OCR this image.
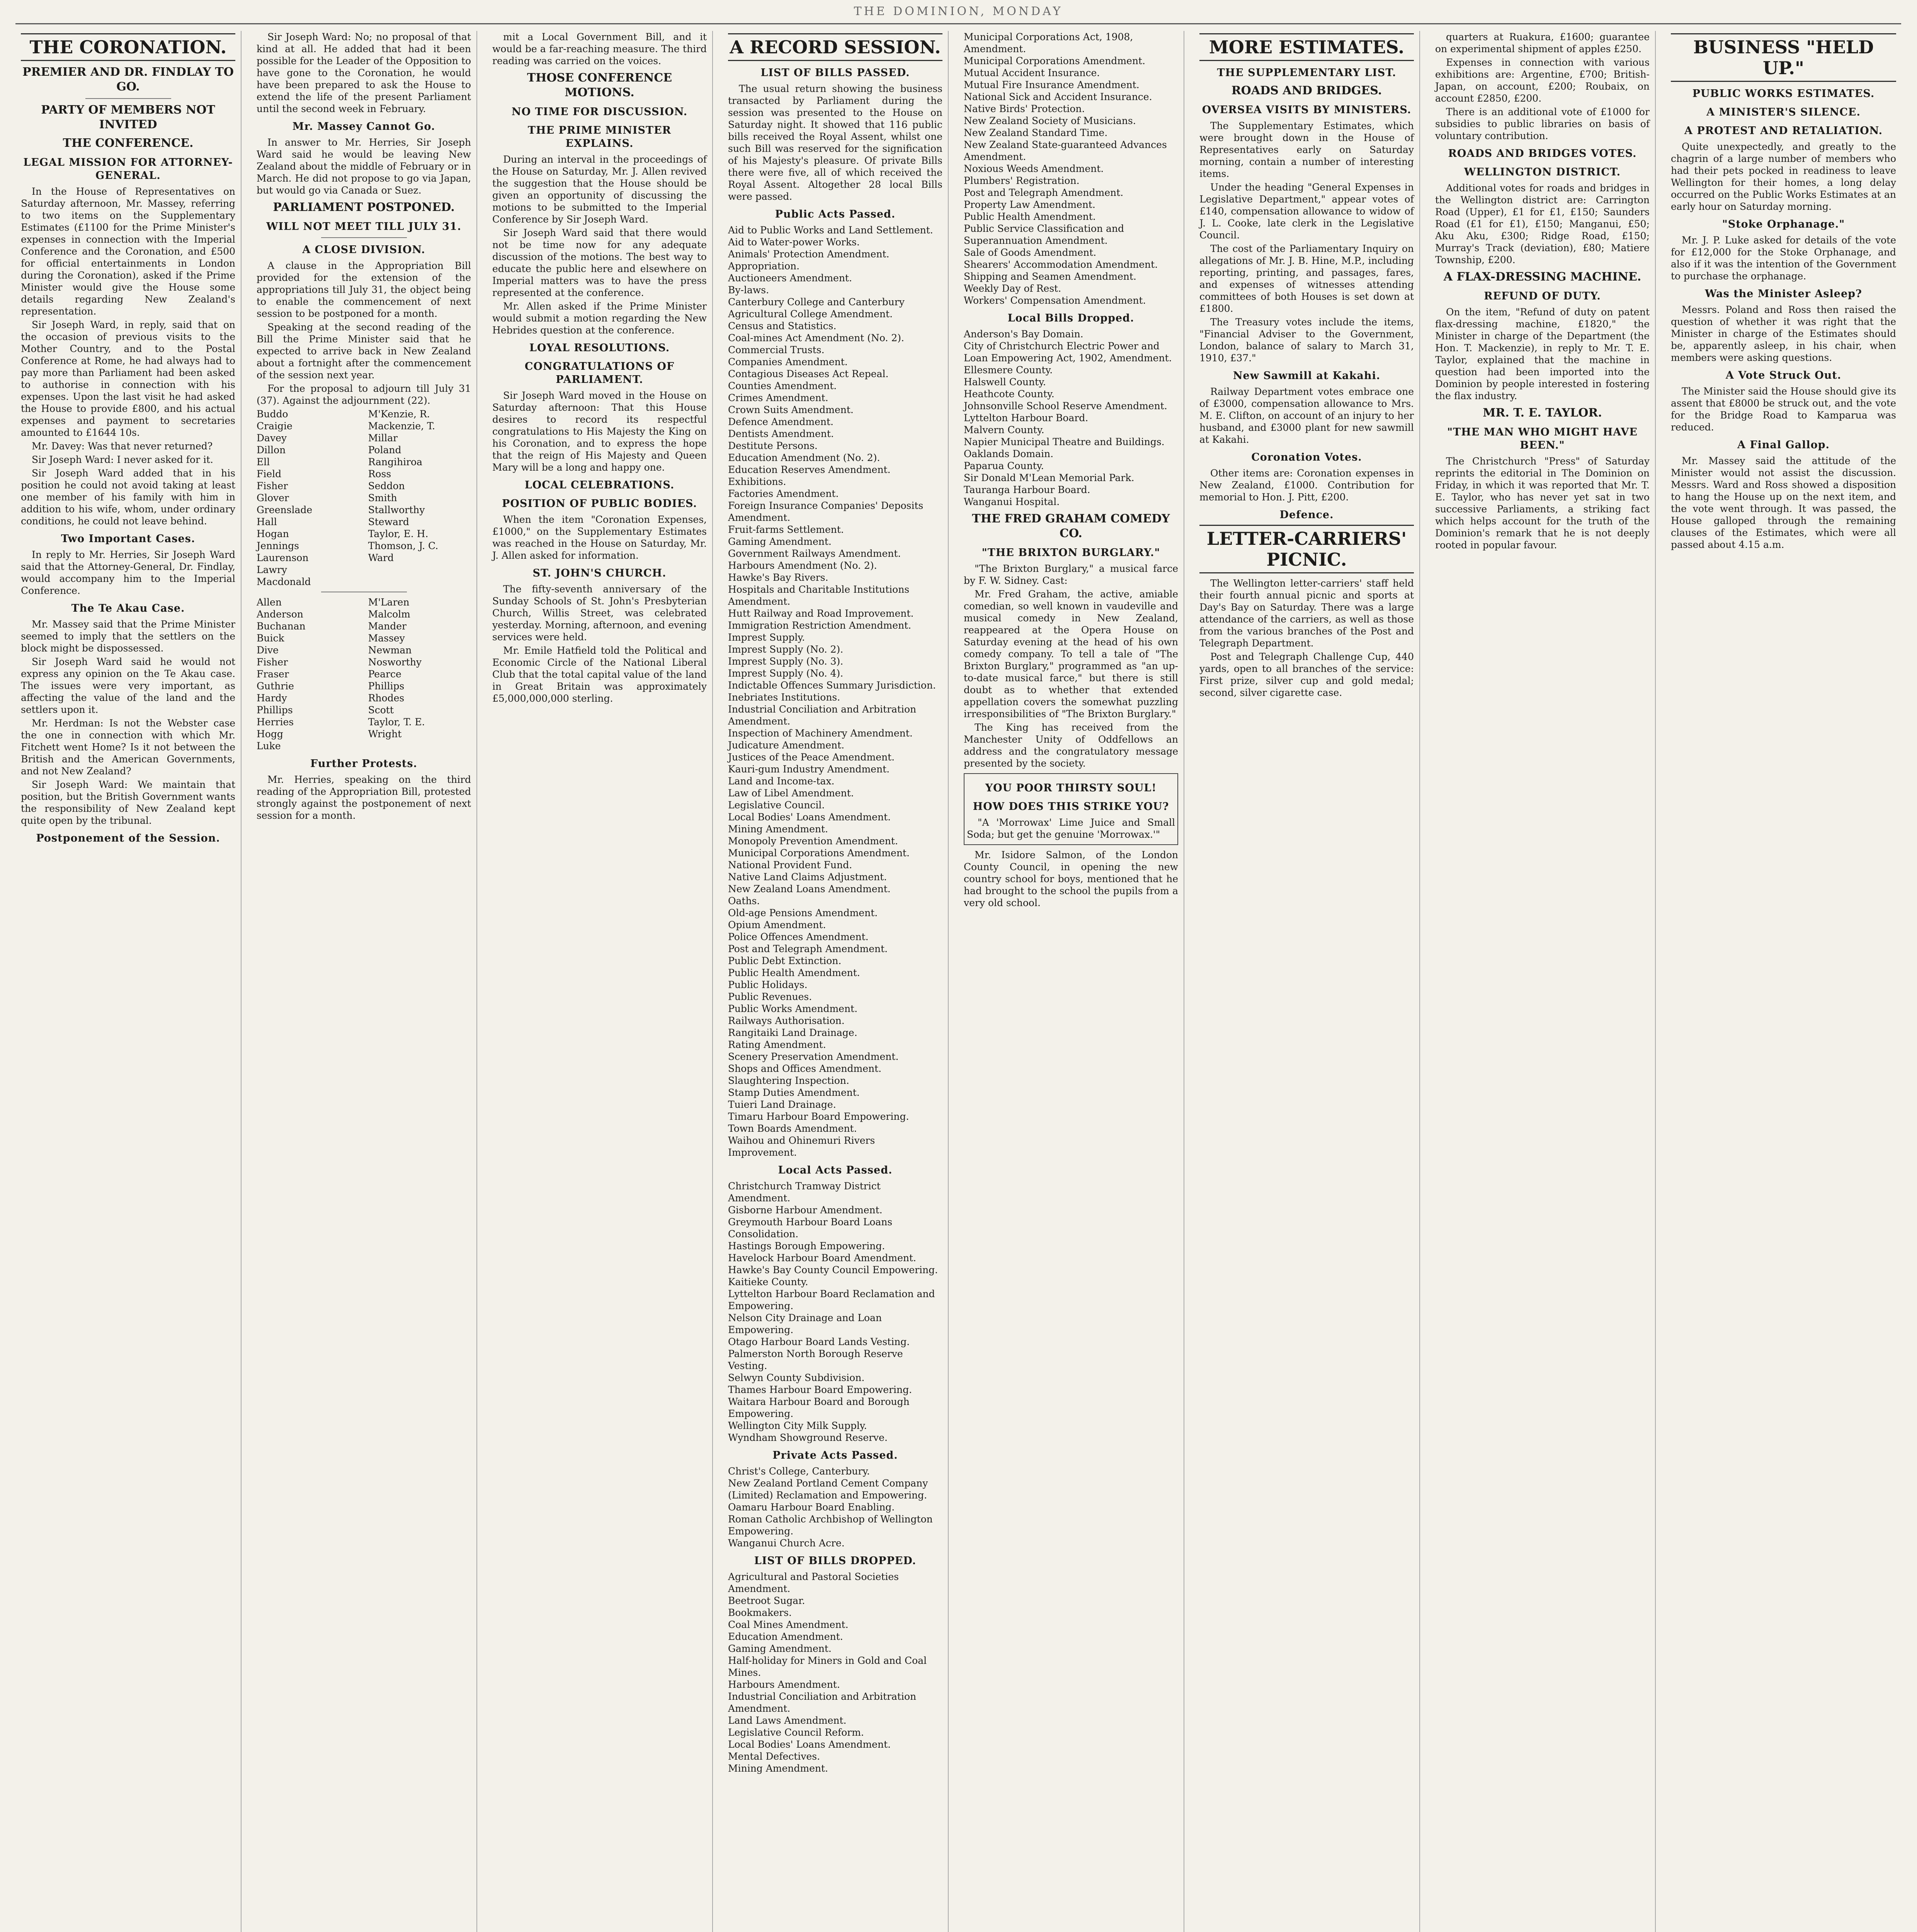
THE DOMINION, MONDAY
THE CORONATION.
PREMIER AND DR. FINDLAY TO GO.
PARTY OF MEMBERS NOT INVITED
THE CONFERENCE.
LEGAL MISSION FOR ATTORNEY-GENERAL.

In the House of Representatives on Saturday afternoon, Mr. Massey, referring to two items on the Supplementary Estimates (£1100 for the Prime Minister's expenses in connection with the Imperial Conference and the Coronation, and £500 for official entertainments in London during the Coronation), asked if the Prime Minister would give the House some details regarding New Zealand's representation.

Sir Joseph Ward, in reply, said that on the occasion of previous visits to the Mother Country, and to the Postal Conference at Rome, he had always had to pay more than Parliament had been asked to authorise in connection with his expenses. Upon the last visit he had asked the House to provide £800, and his actual expenses and payment to secretaries amounted to £1644 10s.

Mr. Davey: Was that never returned?

Sir Joseph Ward: I never asked for it.

Sir Joseph Ward added that in his position he could not avoid taking at least one member of his family with him in addition to his wife, whom, under ordinary conditions, he could not leave behind.

Two Important Cases.

In reply to Mr. Herries, Sir Joseph Ward said that the Attorney-General, Dr. Findlay, would accompany him to the Imperial Conference.

The Te Akau Case.

Mr. Massey said that the Prime Minister seemed to imply that the settlers on the block might be dispossessed.

Sir Joseph Ward said he would not express any opinion on the Te Akau case. The issues were very important, as affecting the value of the land and the settlers upon it.

Mr. Herdman: Is not the Webster case the one in connection with which Mr. Fitchett went Home? Is it not between the British and the American Governments, and not New Zealand?

Sir Joseph Ward: We maintain that position, but the British Government wants the responsibility of New Zealand kept quite open by the tribunal.

Postponement of the Session.

Sir Joseph Ward: No; no proposal of that kind at all. He added that had it been possible for the Leader of the Opposition to have gone to the Coronation, he would have been prepared to ask the House to extend the life of the present Parliament until the second week in February.

Mr. Massey Cannot Go.

In answer to Mr. Herries, Sir Joseph Ward said he would be leaving New Zealand about the middle of February or in March. He did not propose to go via Japan, but would go via Canada or Suez.

PARLIAMENT POSTPONED.
WILL NOT MEET TILL JULY 31.
A CLOSE DIVISION.

A clause in the Appropriation Bill provided for the extension of the appropriations till July 31, the object being to enable the commencement of next session to be postponed for a month.

Speaking at the second reading of the Bill the Prime Minister said that he expected to arrive back in New Zealand about a fortnight after the commencement of the session next year.

For the proposal to adjourn till July 31 (37). Against the adjournment (22).

Buddo
Craigie
Davey
Dillon
Ell
Field
Fisher
Glover
Greenslade
Hall
Hogan
Jennings
Laurenson
Lawry
Macdonald
M'Kenzie, R.
Mackenzie, T.
Millar
Poland
Rangihiroa
Ross
Seddon
Smith
Stallworthy
Steward
Taylor, E. H.
Thomson, J. C.
Ward
Allen
Anderson
Buchanan
Buick
Dive
Fisher
Fraser
Guthrie
Hardy
Phillips
Herries
Hogg
Luke
M'Laren
Malcolm
Mander
Massey
Newman
Nosworthy
Pearce
Phillips
Rhodes
Scott
Taylor, T. E.
Wright
Further Protests.

Mr. Herries, speaking on the third reading of the Appropriation Bill, protested strongly against the postponement of next session for a month.

mit a Local Government Bill, and it would be a far-reaching measure. The third reading was carried on the voices.

THOSE CONFERENCE MOTIONS.
NO TIME FOR DISCUSSION.
THE PRIME MINISTER EXPLAINS.

During an interval in the proceedings of the House on Saturday, Mr. J. Allen revived the suggestion that the House should be given an opportunity of discussing the motions to be submitted to the Imperial Conference by Sir Joseph Ward.

Sir Joseph Ward said that there would not be time now for any adequate discussion of the motions. The best way to educate the public here and elsewhere on Imperial matters was to have the press represented at the conference.

Mr. Allen asked if the Prime Minister would submit a motion regarding the New Hebrides question at the conference.

LOYAL RESOLUTIONS.
CONGRATULATIONS OF PARLIAMENT.

Sir Joseph Ward moved in the House on Saturday afternoon: That this House desires to record its respectful congratulations to His Majesty the King on his Coronation, and to express the hope that the reign of His Majesty and Queen Mary will be a long and happy one.

LOCAL CELEBRATIONS.
POSITION OF PUBLIC BODIES.

When the item "Coronation Expenses, £1000," on the Supplementary Estimates was reached in the House on Saturday, Mr. J. Allen asked for information.

ST. JOHN'S CHURCH.

The fifty-seventh anniversary of the Sunday Schools of St. John's Presbyterian Church, Willis Street, was celebrated yesterday. Morning, afternoon, and evening services were held.

Mr. Emile Hatfield told the Political and Economic Circle of the National Liberal Club that the total capital value of the land in Great Britain was approximately £5,000,000,000 sterling.

A RECORD SESSION.
LIST OF BILLS PASSED.

The usual return showing the business transacted by Parliament during the session was presented to the House on Saturday night. It showed that 116 public bills received the Royal Assent, whilst one such Bill was reserved for the signification of his Majesty's pleasure. Of private Bills there were five, all of which received the Royal Assent. Altogether 28 local Bills were passed.

Public Acts Passed.
Aid to Public Works and Land Settlement.
Aid to Water-power Works.
Animals' Protection Amendment.
Appropriation.
Auctioneers Amendment.
By-laws.
Canterbury College and Canterbury Agricultural College Amendment.
Census and Statistics.
Coal-mines Act Amendment (No. 2).
Commercial Trusts.
Companies Amendment.
Contagious Diseases Act Repeal.
Counties Amendment.
Crimes Amendment.
Crown Suits Amendment.
Defence Amendment.
Dentists Amendment.
Destitute Persons.
Education Amendment (No. 2).
Education Reserves Amendment.
Exhibitions.
Factories Amendment.
Foreign Insurance Companies' Deposits Amendment.
Fruit-farms Settlement.
Gaming Amendment.
Government Railways Amendment.
Harbours Amendment (No. 2).
Hawke's Bay Rivers.
Hospitals and Charitable Institutions Amendment.
Hutt Railway and Road Improvement.
Immigration Restriction Amendment.
Imprest Supply.
Imprest Supply (No. 2).
Imprest Supply (No. 3).
Imprest Supply (No. 4).
Indictable Offences Summary Jurisdiction.
Inebriates Institutions.
Industrial Conciliation and Arbitration Amendment.
Inspection of Machinery Amendment.
Judicature Amendment.
Justices of the Peace Amendment.
Kauri-gum Industry Amendment.
Land and Income-tax.
Law of Libel Amendment.
Legislative Council.
Local Bodies' Loans Amendment.
Mining Amendment.
Monopoly Prevention Amendment.
Municipal Corporations Amendment.
National Provident Fund.
Native Land Claims Adjustment.
New Zealand Loans Amendment.
Oaths.
Old-age Pensions Amendment.
Opium Amendment.
Police Offences Amendment.
Post and Telegraph Amendment.
Public Debt Extinction.
Public Health Amendment.
Public Holidays.
Public Revenues.
Public Works Amendment.
Railways Authorisation.
Rangitaiki Land Drainage.
Rating Amendment.
Scenery Preservation Amendment.
Shops and Offices Amendment.
Slaughtering Inspection.
Stamp Duties Amendment.
Tuieri Land Drainage.
Timaru Harbour Board Empowering.
Town Boards Amendment.
Waihou and Ohinemuri Rivers Improvement.
Local Acts Passed.
Christchurch Tramway District Amendment.
Gisborne Harbour Amendment.
Greymouth Harbour Board Loans Consolidation.
Hastings Borough Empowering.
Havelock Harbour Board Amendment.
Hawke's Bay County Council Empowering.
Kaitieke County.
Lyttelton Harbour Board Reclamation and Empowering.
Nelson City Drainage and Loan Empowering.
Otago Harbour Board Lands Vesting.
Palmerston North Borough Reserve Vesting.
Selwyn County Subdivision.
Thames Harbour Board Empowering.
Waitara Harbour Board and Borough Empowering.
Wellington City Milk Supply.
Wyndham Showground Reserve.
Private Acts Passed.
Christ's College, Canterbury.
New Zealand Portland Cement Company (Limited) Reclamation and Empowering.
Oamaru Harbour Board Enabling.
Roman Catholic Archbishop of Wellington Empowering.
Wanganui Church Acre.
LIST OF BILLS DROPPED.
Agricultural and Pastoral Societies Amendment.
Beetroot Sugar.
Bookmakers.
Coal Mines Amendment.
Education Amendment.
Gaming Amendment.
Half-holiday for Miners in Gold and Coal Mines.
Harbours Amendment.
Industrial Conciliation and Arbitration Amendment.
Land Laws Amendment.
Legislative Council Reform.
Local Bodies' Loans Amendment.
Mental Defectives.
Mining Amendment.
Municipal Corporations Act, 1908, Amendment.
Municipal Corporations Amendment.
Mutual Accident Insurance.
Mutual Fire Insurance Amendment.
National Sick and Accident Insurance.
Native Birds' Protection.
New Zealand Society of Musicians.
New Zealand Standard Time.
New Zealand State-guaranteed Advances Amendment.
Noxious Weeds Amendment.
Plumbers' Registration.
Post and Telegraph Amendment.
Property Law Amendment.
Public Health Amendment.
Public Service Classification and Superannuation Amendment.
Sale of Goods Amendment.
Shearers' Accommodation Amendment.
Shipping and Seamen Amendment.
Weekly Day of Rest.
Workers' Compensation Amendment.
Local Bills Dropped.
Anderson's Bay Domain.
City of Christchurch Electric Power and Loan Empowering Act, 1902, Amendment.
Ellesmere County.
Halswell County.
Heathcote County.
Johnsonville School Reserve Amendment.
Lyttelton Harbour Board.
Malvern County.
Napier Municipal Theatre and Buildings.
Oaklands Domain.
Paparua County.
Sir Donald M'Lean Memorial Park.
Tauranga Harbour Board.
Wanganui Hospital.
THE FRED GRAHAM COMEDY CO.
"THE BRIXTON BURGLARY."

"The Brixton Burglary," a musical farce by F. W. Sidney. Cast:

Mr. Fred Graham, the active, amiable comedian, so well known in vaudeville and musical comedy in New Zealand, reappeared at the Opera House on Saturday evening at the head of his own comedy company. To tell a tale of "The Brixton Burglary," programmed as "an up-to-date musical farce," but there is still doubt as to whether that extended appellation covers the somewhat puzzling irresponsibilities of "The Brixton Burglary."

The King has received from the Manchester Unity of Oddfellows an address and the congratulatory message presented by the society.

YOU POOR THIRSTY SOUL!
HOW DOES THIS STRIKE YOU?

"A 'Morrowax' Lime Juice and Small Soda; but get the genuine 'Morrowax.'"

Mr. Isidore Salmon, of the London County Council, in opening the new country school for boys, mentioned that he had brought to the school the pupils from a very old school.

MORE ESTIMATES.
THE SUPPLEMENTARY LIST.
ROADS AND BRIDGES.
OVERSEA VISITS BY MINISTERS.

The Supplementary Estimates, which were brought down in the House of Representatives early on Saturday morning, contain a number of interesting items.

Under the heading "General Expenses in Legislative Department," appear votes of £140, compensation allowance to widow of J. L. Cooke, late clerk in the Legislative Council.

The cost of the Parliamentary Inquiry on allegations of Mr. J. B. Hine, M.P., including reporting, printing, and passages, fares, and expenses of witnesses attending committees of both Houses is set down at £1800.

The Treasury votes include the items, "Financial Adviser to the Government, London, balance of salary to March 31, 1910, £37."

New Sawmill at Kakahi.

Railway Department votes embrace one of £3000, compensation allowance to Mrs. M. E. Clifton, on account of an injury to her husband, and £3000 plant for new sawmill at Kakahi.

Coronation Votes.

Other items are: Coronation expenses in New Zealand, £1000. Contribution for memorial to Hon. J. Pitt, £200.

Defence.
LETTER-CARRIERS' PICNIC.

The Wellington letter-carriers' staff held their fourth annual picnic and sports at Day's Bay on Saturday. There was a large attendance of the carriers, as well as those from the various branches of the Post and Telegraph Department.

Post and Telegraph Challenge Cup, 440 yards, open to all branches of the service: First prize, silver cup and gold medal; second, silver cigarette case.

quarters at Ruakura, £1600; guarantee on experimental shipment of apples £250.

Expenses in connection with various exhibitions are: Argentine, £700; British-Japan, on account, £200; Roubaix, on account £2850, £200.

There is an additional vote of £1000 for subsidies to public libraries on basis of voluntary contribution.

ROADS AND BRIDGES VOTES.
WELLINGTON DISTRICT.

Additional votes for roads and bridges in the Wellington district are: Carrington Road (Upper), £1 for £1, £150; Saunders Road (£1 for £1), £150; Manganui, £50; Aku Aku, £300; Ridge Road, £150; Murray's Track (deviation), £80; Matiere Township, £200.

A FLAX-DRESSING MACHINE.
REFUND OF DUTY.

On the item, "Refund of duty on patent flax-dressing machine, £1820," the Minister in charge of the Department (the Hon. T. Mackenzie), in reply to Mr. T. E. Taylor, explained that the machine in question had been imported into the Dominion by people interested in fostering the flax industry.

MR. T. E. TAYLOR.
"THE MAN WHO MIGHT HAVE BEEN."

The Christchurch "Press" of Saturday reprints the editorial in The Dominion on Friday, in which it was reported that Mr. T. E. Taylor, who has never yet sat in two successive Parliaments, a striking fact which helps account for the truth of the Dominion's remark that he is not deeply rooted in popular favour.

BUSINESS "HELD UP."
PUBLIC WORKS ESTIMATES.
A MINISTER'S SILENCE.
A PROTEST AND RETALIATION.

Quite unexpectedly, and greatly to the chagrin of a large number of members who had their pets pocked in readiness to leave Wellington for their homes, a long delay occurred on the Public Works Estimates at an early hour on Saturday morning.

"Stoke Orphanage."

Mr. J. P. Luke asked for details of the vote for £12,000 for the Stoke Orphanage, and also if it was the intention of the Government to purchase the orphanage.

Was the Minister Asleep?

Messrs. Poland and Ross then raised the question of whether it was right that the Minister in charge of the Estimates should be, apparently asleep, in his chair, when members were asking questions.

A Vote Struck Out.

The Minister said the House should give its assent that £8000 be struck out, and the vote for the Bridge Road to Kamparua was reduced.

A Final Gallop.

Mr. Massey said the attitude of the Minister would not assist the discussion. Messrs. Ward and Ross showed a disposition to hang the House up on the next item, and the vote went through. It was passed, the House galloped through the remaining clauses of the Estimates, which were all passed about 4.15 a.m.
